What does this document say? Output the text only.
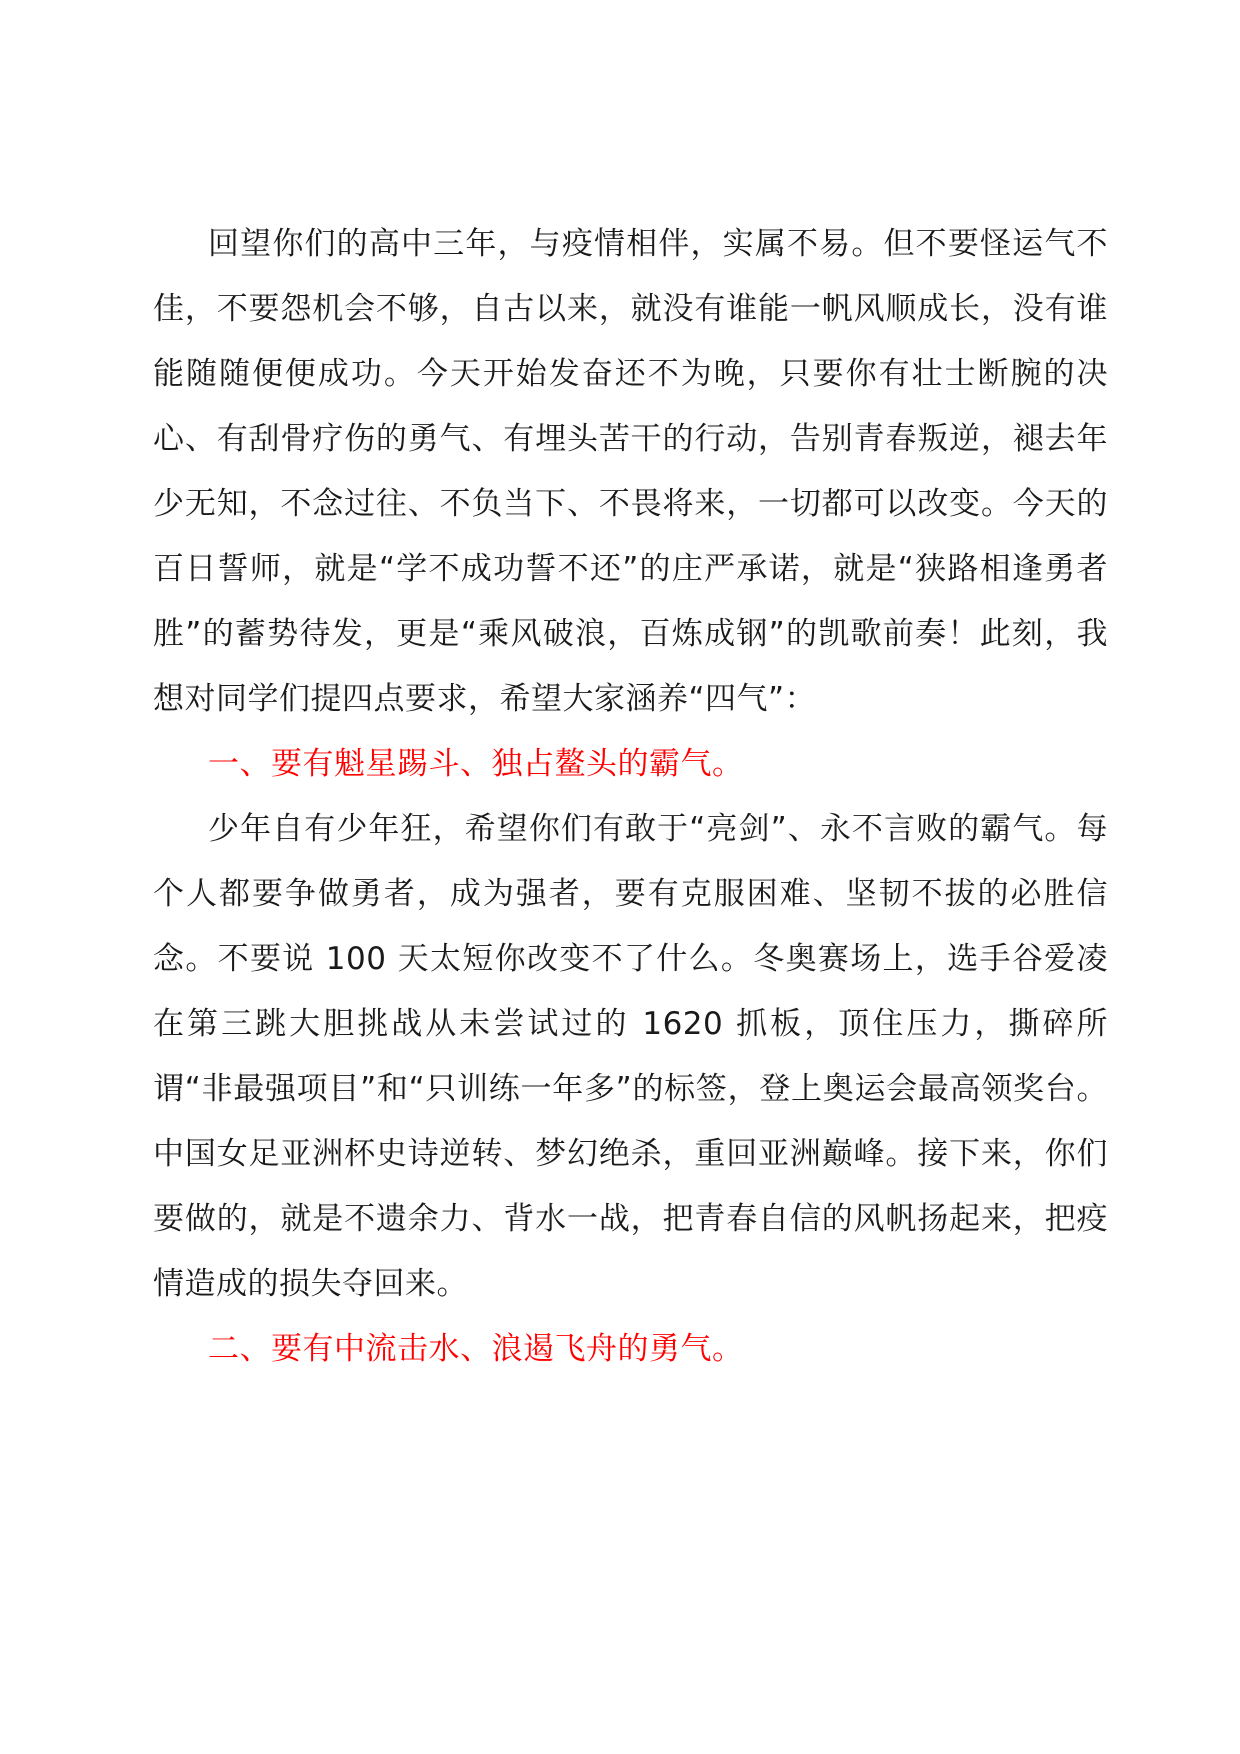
回望你们的高中三年，与疫情相伴，实属不易。但不要怪运气不佳，不要怨机会不够，自古以来，就没有谁能一帆风顺成长，没有谁能随随便便成功。今天开始发奋还不为晚，只要你有壮士断腕的决心、有刮骨疗伤的勇气、有埋头苦干的行动，告别青春叛逆，褪去年少无知，不念过往、不负当下、不畏将来，一切都可以改变。今天的百日誓师，就是“学不成功誓不还”的庄严承诺，就是“狭路相逢勇者胜”的蓄势待发，更是“乘风破浪，百炼成钢”的凯歌前奏！此刻，我想对同学们提四点要求，希望大家涵养“四气”：

一、要有魁星踢斗、独占鳌头的霸气。

少年自有少年狂，希望你们有敢于“亮剑”、永不言败的霸气。每个人都要争做勇者，成为强者，要有克服困难、坚韧不拔的必胜信念。不要说 100 天太短你改变不了什么。冬奥赛场上，选手谷爱凌在第三跳大胆挑战从未尝试过的 1620 抓板，顶住压力，撕碎所谓“非最强项目”和“只训练一年多”的标签，登上奥运会最高领奖台。中国女足亚洲杯史诗逆转、梦幻绝杀，重回亚洲巅峰。接下来，你们要做的，就是不遗余力、背水一战，把青春自信的风帆扬起来，把疫情造成的损失夺回来。

二、要有中流击水、浪遏飞舟的勇气。
